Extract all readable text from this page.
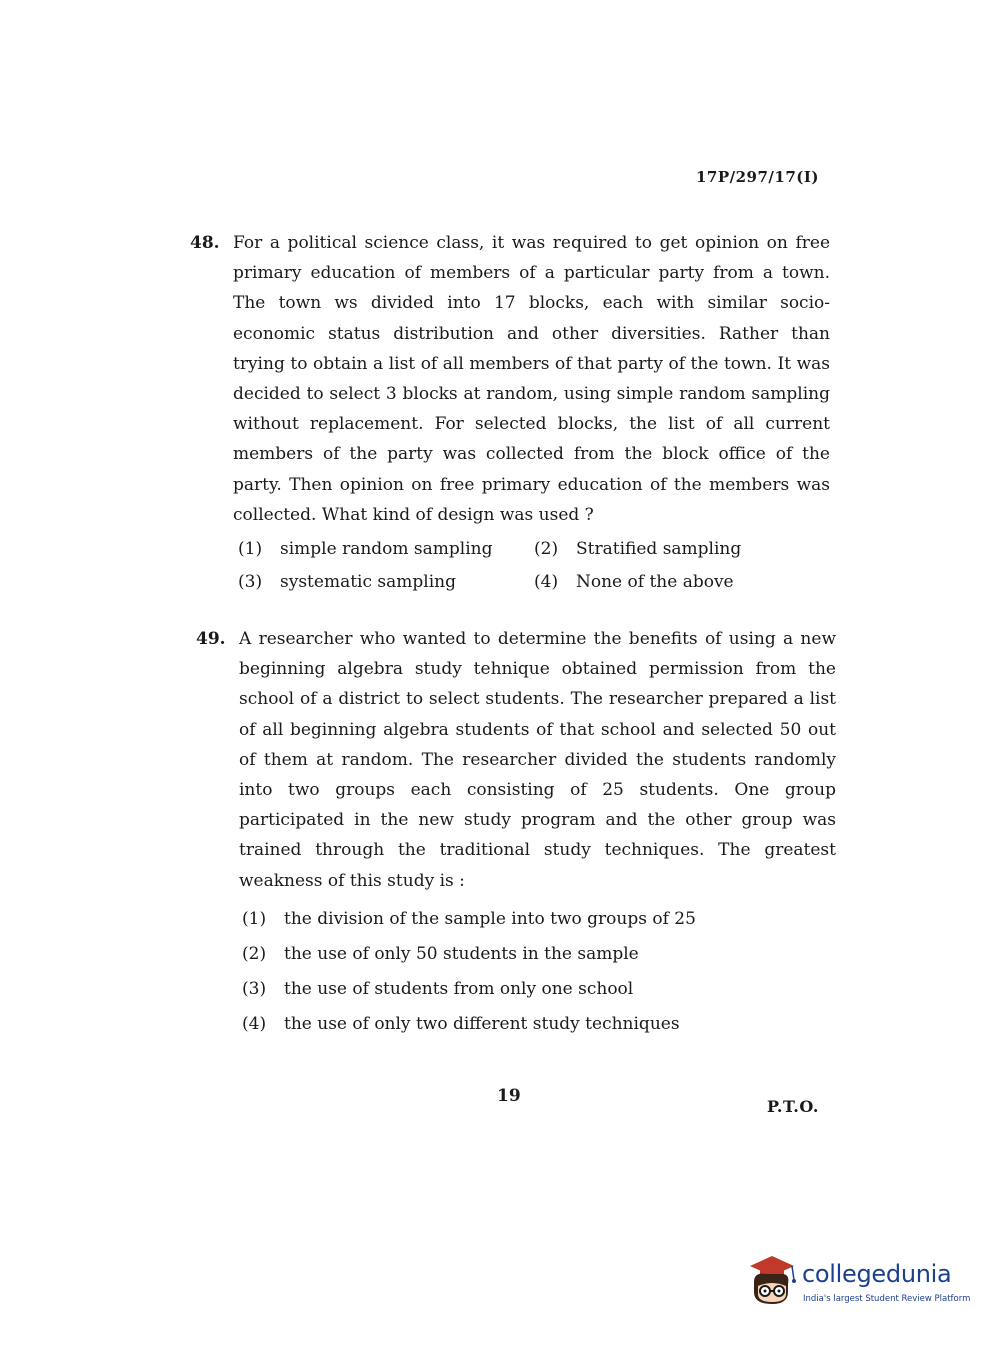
17P/297/17(I)
48. For a political science class, it was required to get opinion on free primary education of members of a particular party from a town. The town ws divided into 17 blocks, each with similar socio-economic status distribution and other diversities. Rather than trying to obtain a list of all members of that party of the town. It was decided to select 3 blocks at random, using simple random sampling without replacement. For selected blocks, the list of all current members of the party was collected from the block office of the party. Then opinion on free primary education of the members was collected. What kind of design was used ?
(1)	simple random sampling (2)	Stratified sampling
(3)	systematic sampling	(4)	None of the above
49. A researcher who wanted to determine the benefits of using a new beginning algebra study tehnique obtained permission from the school of a district to select students. The researcher prepared a list of all beginning algebra students of that school and selected 50 out of them at random. The researcher divided the students randomly into two groups each consisting of 25 students. One group participated in the new study program and the other group was trained through the traditional study techniques. The greatest weakness of this study is :
(1)	the division of the sample into two groups of 25
(2)	the use of only 50 students in the sample
(3)	the use of students from only one school
(4)	the use of only two different study techniques
19
P.T.O.
collegedunia
India's largest Student Review Platform
